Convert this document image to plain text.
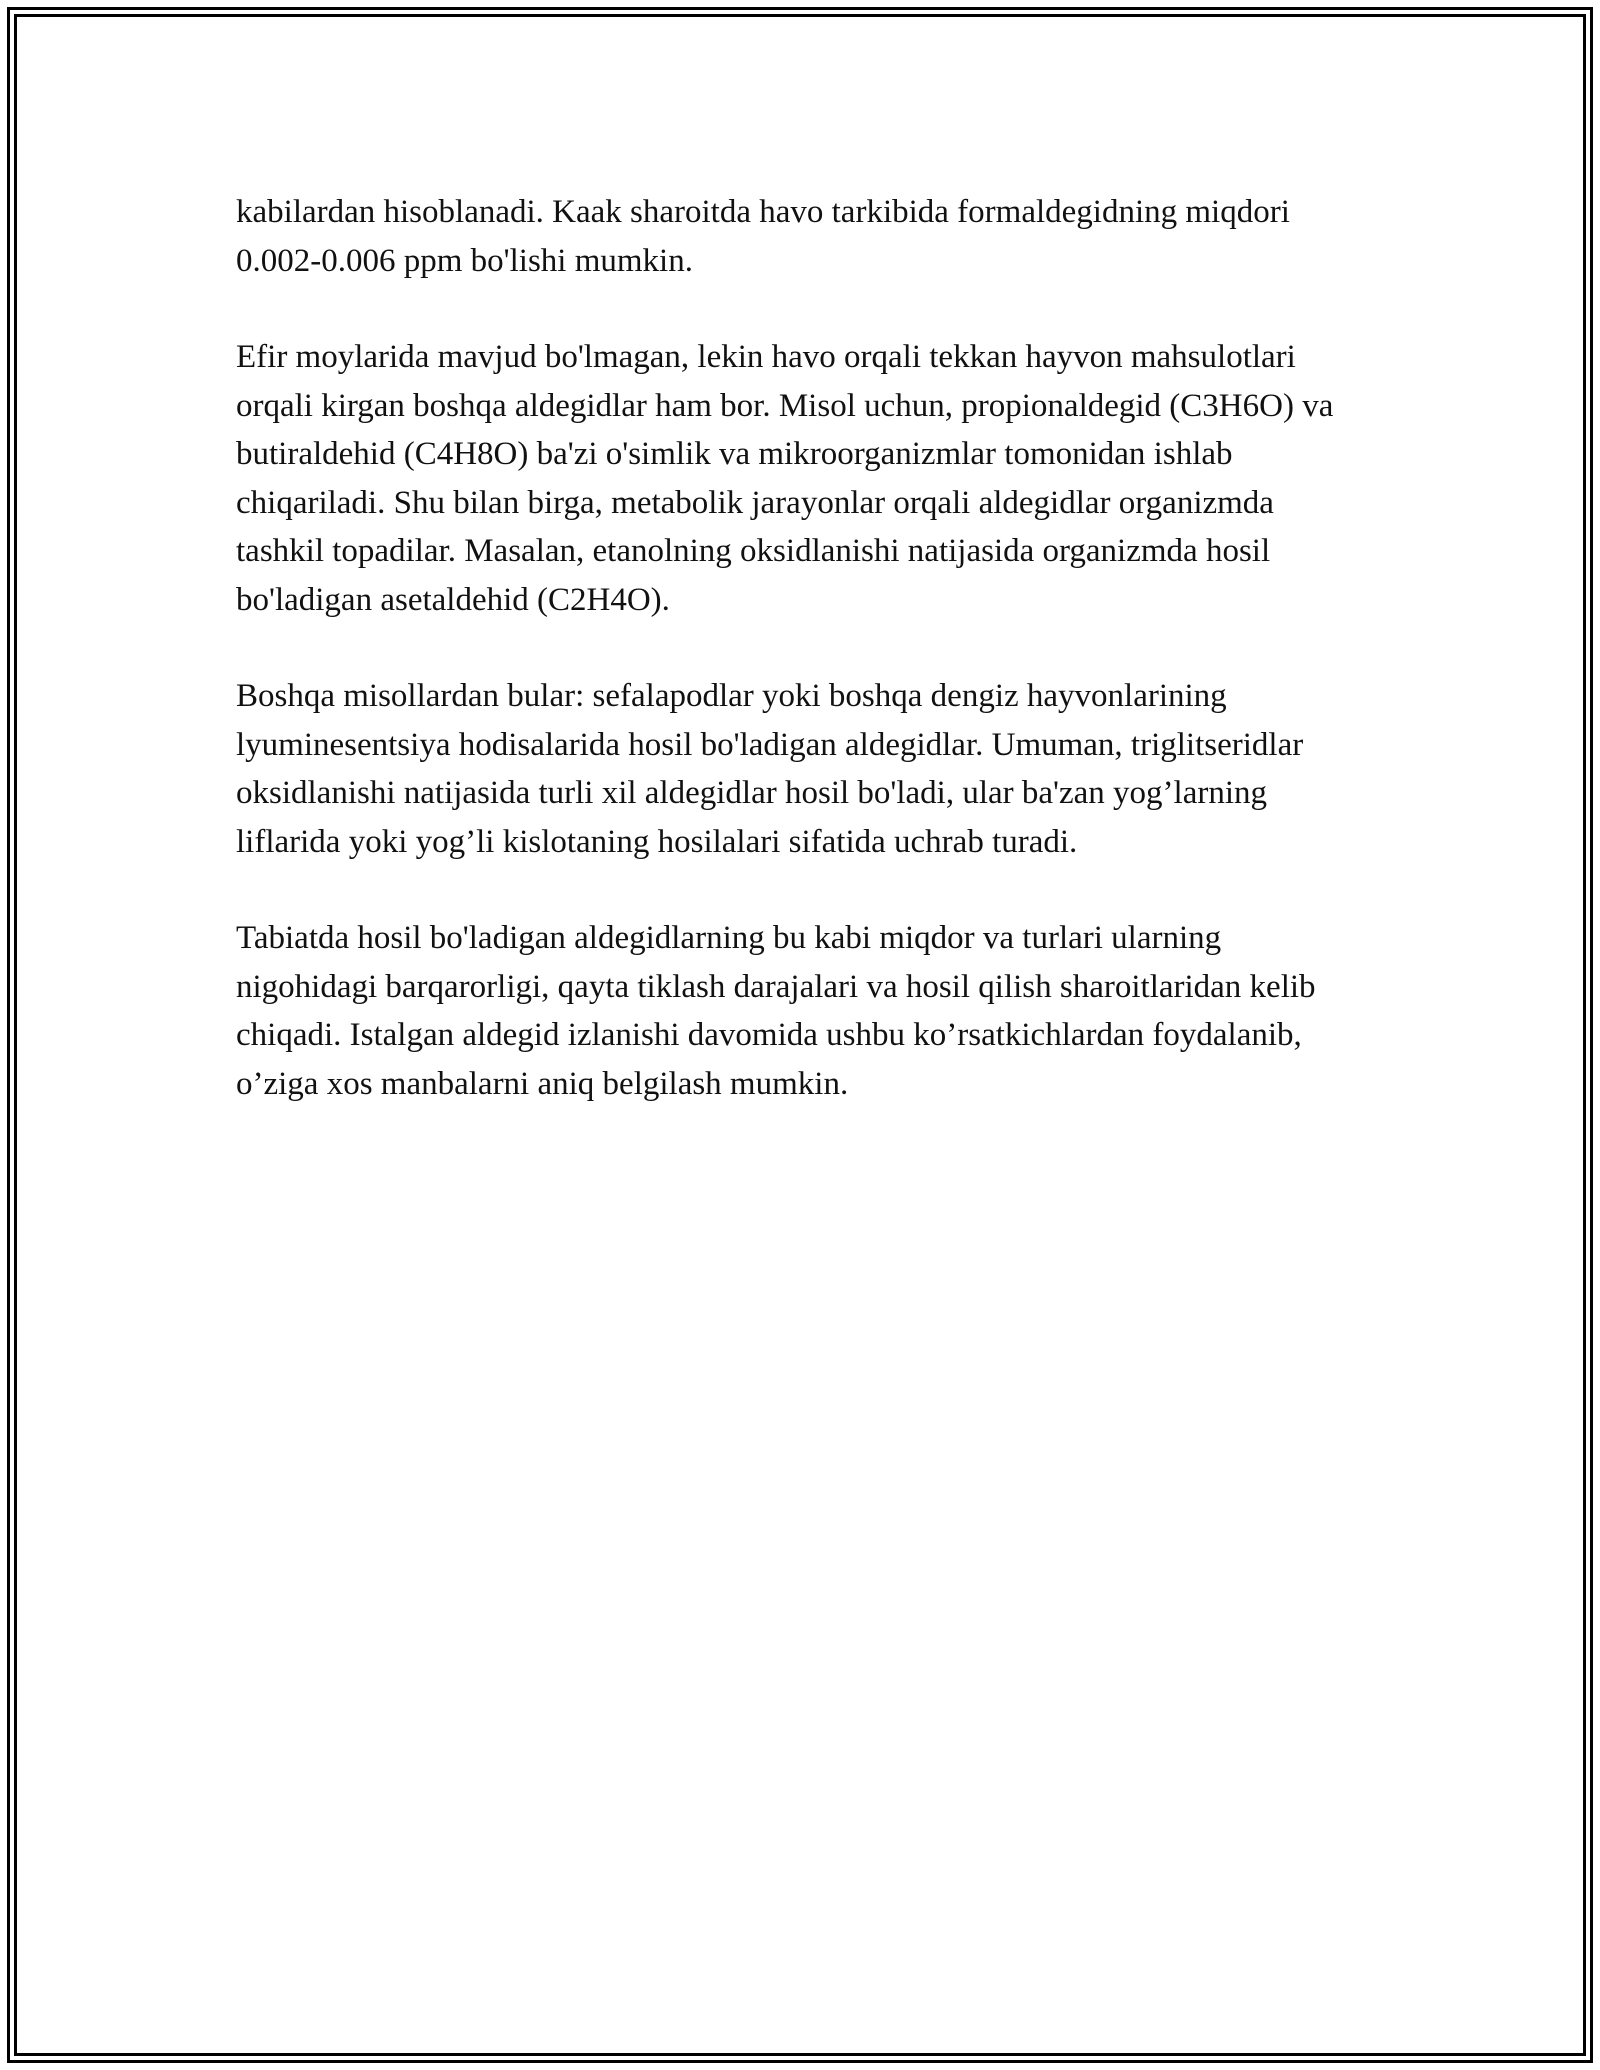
kabilardan hisoblanadi. Kaak sharoitda havo tarkibida formaldegidning miqdori 0.002-0.006 ppm bo'lishi mumkin.

Efir moylarida mavjud bo'lmagan, lekin havo orqali tekkan hayvon mahsulotlari orqali kirgan boshqa aldegidlar ham bor. Misol uchun, propionaldegid (C3H6O) va butiraldehid (C4H8O) ba'zi o'simlik va mikroorganizmlar tomonidan ishlab chiqariladi. Shu bilan birga, metabolik jarayonlar orqali aldegidlar organizmda tashkil topadilar. Masalan, etanolning oksidlanishi natijasida organizmda hosil bo'ladigan asetaldehid (C2H4O).

Boshqa misollardan bular: sefalapodlar yoki boshqa dengiz hayvonlarining lyuminesentsiya hodisalarida hosil bo'ladigan aldegidlar. Umuman, triglitseridlar oksidlanishi natijasida turli xil aldegidlar hosil bo'ladi, ular ba'zan yog’larning liflarida yoki yog’li kislotaning hosilalari sifatida uchrab turadi.

Tabiatda hosil bo'ladigan aldegidlarning bu kabi miqdor va turlari ularning nigohidagi barqarorligi, qayta tiklash darajalari va hosil qilish sharoitlaridan kelib chiqadi. Istalgan aldegid izlanishi davomida ushbu ko’rsatkichlardan foydalanib, o’ziga xos manbalarni aniq belgilash mumkin.
